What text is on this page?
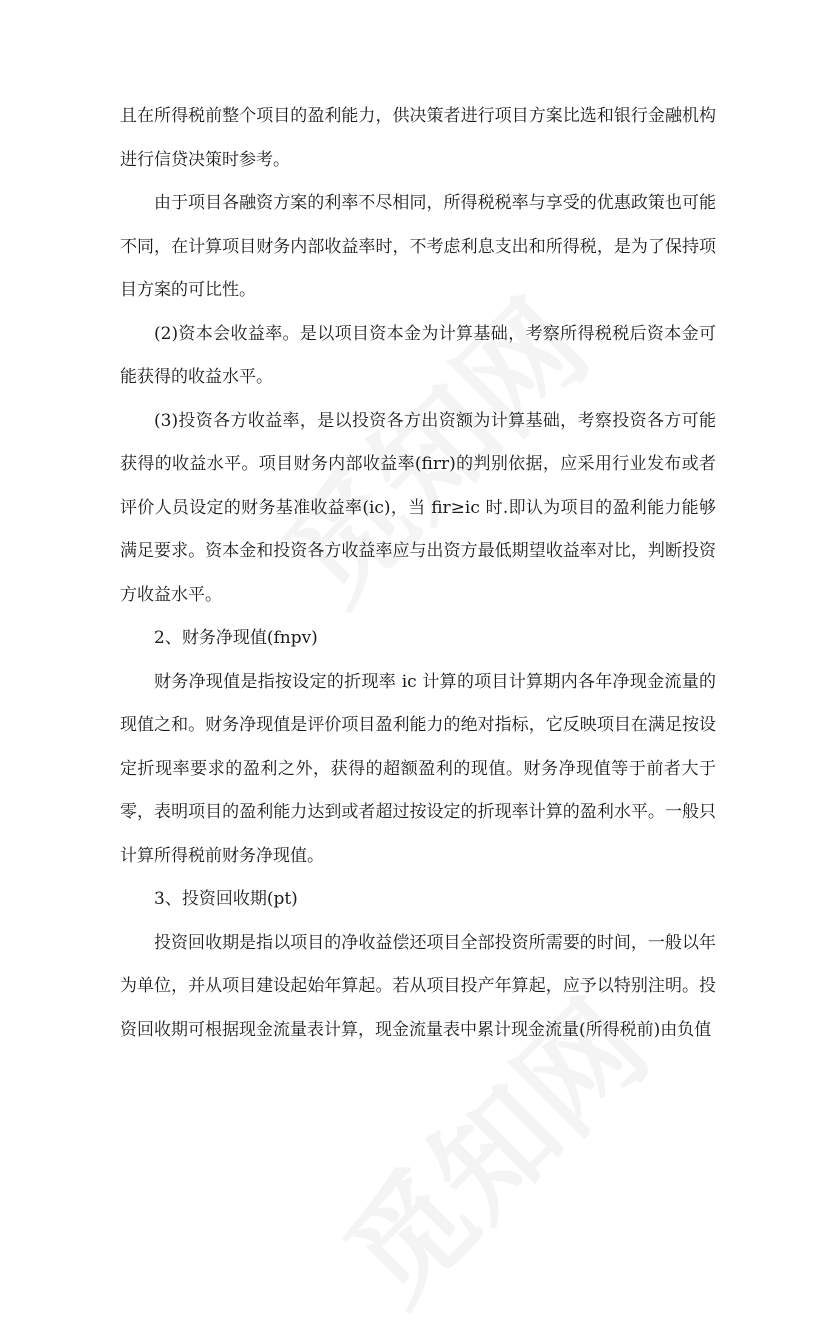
且在所得税前整个项目的盈利能力，供决策者进行项目方案比选和银行金融机构进行信贷决策时参考。

由于项目各融资方案的利率不尽相同，所得税税率与享受的优惠政策也可能不同，在计算项目财务内部收益率时，不考虑利息支出和所得税，是为了保持项目方案的可比性。

(2)资本会收益率。是以项目资本金为计算基础，考察所得税税后资本金可能获得的收益水平。

(3)投资各方收益率，是以投资各方出资额为计算基础，考察投资各方可能获得的收益水平。项目财务内部收益率(firr)的判别依据，应采用行业发布或者评价人员设定的财务基准收益率(ic)，当 fir≥ic 时.即认为项目的盈利能力能够满足要求。资本金和投资各方收益率应与出资方最低期望收益率对比，判断投资方收益水平。

2、财务净现值(fnpv)

财务净现值是指按设定的折现率 ic 计算的项目计算期内各年净现金流量的现值之和。财务净现值是评价项目盈利能力的绝对指标，它反映项目在满足按设定折现率要求的盈利之外，获得的超额盈利的现值。财务净现值等于前者大于零，表明项目的盈利能力达到或者超过按设定的折现率计算的盈利水平。一般只计算所得税前财务净现值。

3、投资回收期(pt)

投资回收期是指以项目的净收益偿还项目全部投资所需要的时间，一般以年为单位，并从项目建设起始年算起。若从项目投产年算起，应予以特别注明。投资回收期可根据现金流量表计算，现金流量表中累计现金流量(所得税前)由负值
